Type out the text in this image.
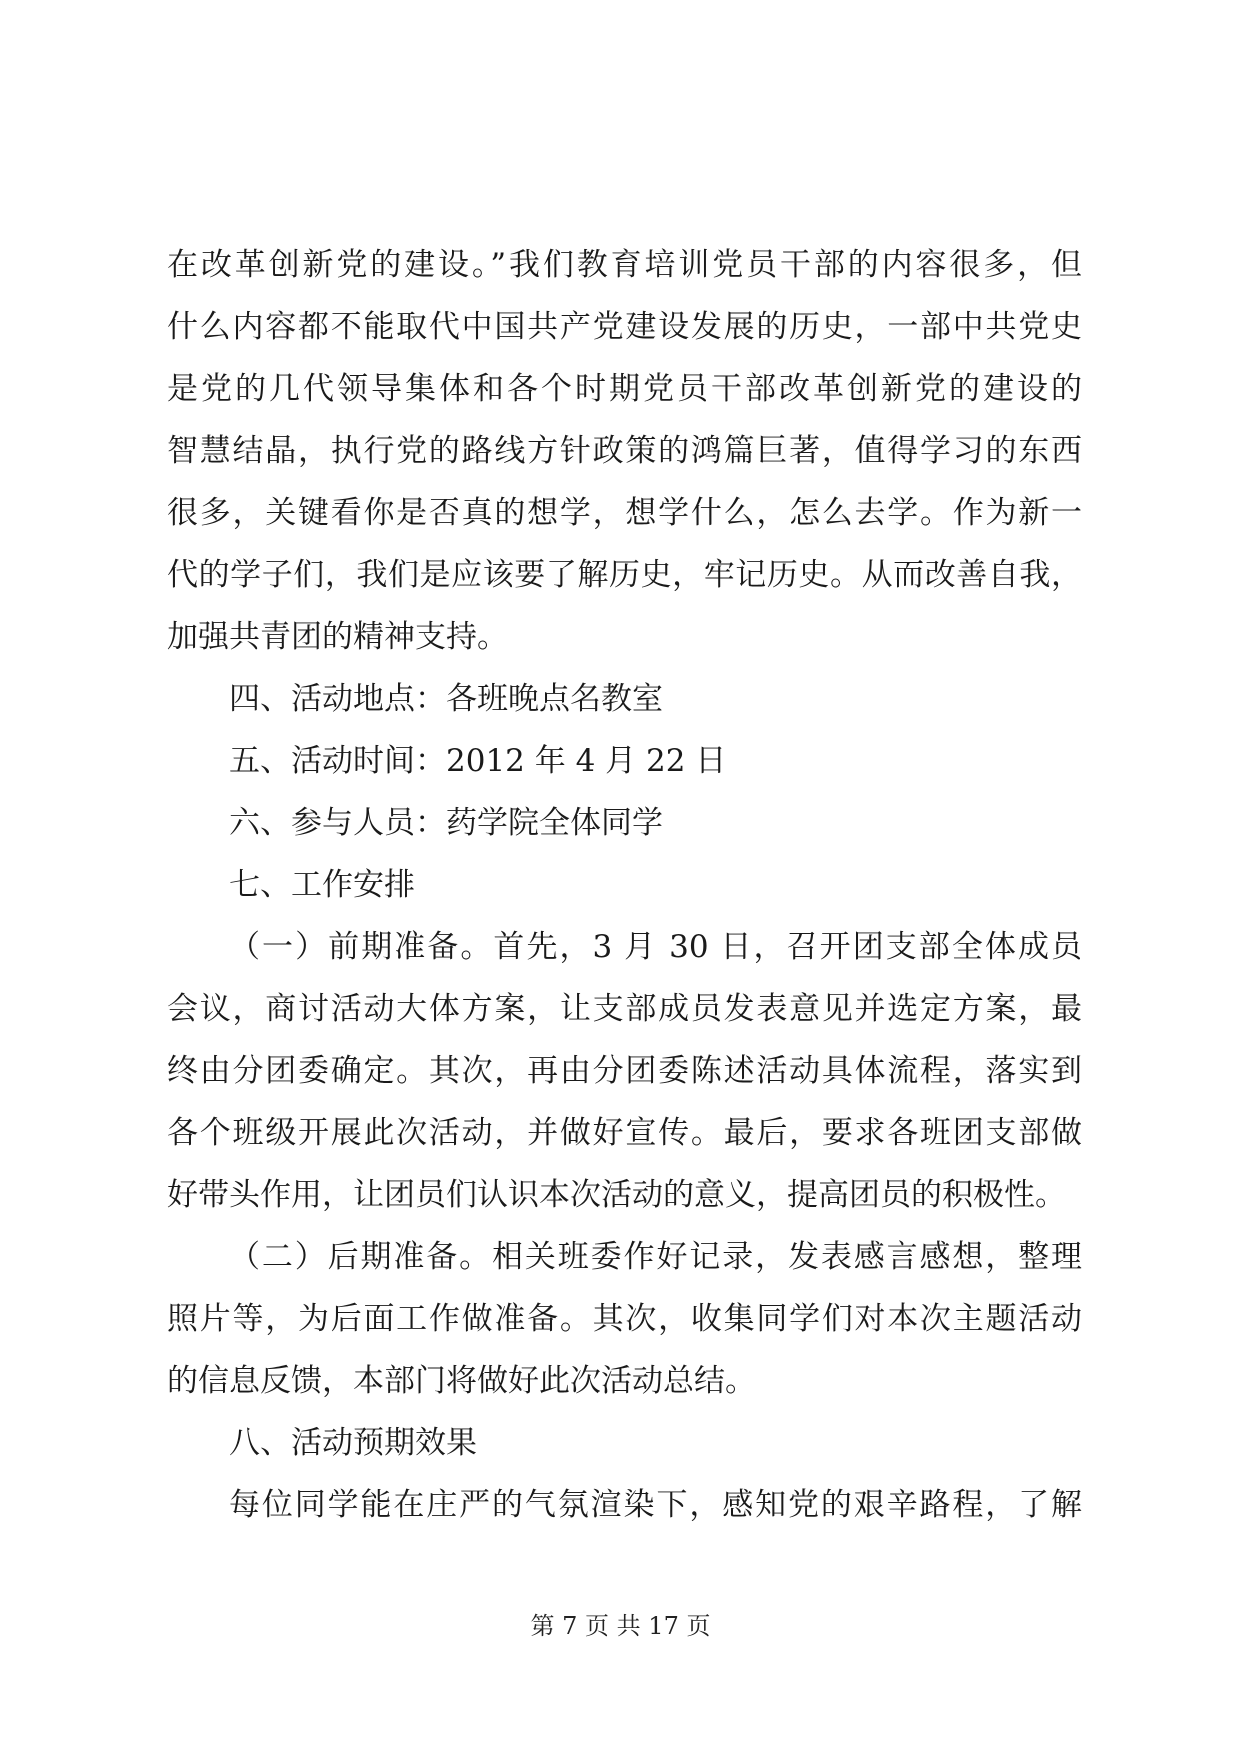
在改革创新党的建设。”我们教育培训党员干部的内容很多，但
什么内容都不能取代中国共产党建设发展的历史，一部中共党史
是党的几代领导集体和各个时期党员干部改革创新党的建设的
智慧结晶，执行党的路线方针政策的鸿篇巨著，值得学习的东西
很多，关键看你是否真的想学，想学什么，怎么去学。作为新一
代的学子们，我们是应该要了解历史，牢记历史。从而改善自我，
加强共青团的精神支持。
四、活动地点：各班晚点名教室
五、活动时间：2012 年 4 月 22 日
六、参与人员：药学院全体同学
七、工作安排
（一）前期准备。首先，3 月 30 日，召开团支部全体成员
会议，商讨活动大体方案，让支部成员发表意见并选定方案，最
终由分团委确定。其次，再由分团委陈述活动具体流程，落实到
各个班级开展此次活动，并做好宣传。最后，要求各班团支部做
好带头作用，让团员们认识本次活动的意义，提高团员的积极性。
（二）后期准备。相关班委作好记录，发表感言感想，整理
照片等，为后面工作做准备。其次，收集同学们对本次主题活动
的信息反馈，本部门将做好此次活动总结。
八、活动预期效果
每位同学能在庄严的气氛渲染下，感知党的艰辛路程，了解
第 7 页 共 17 页
